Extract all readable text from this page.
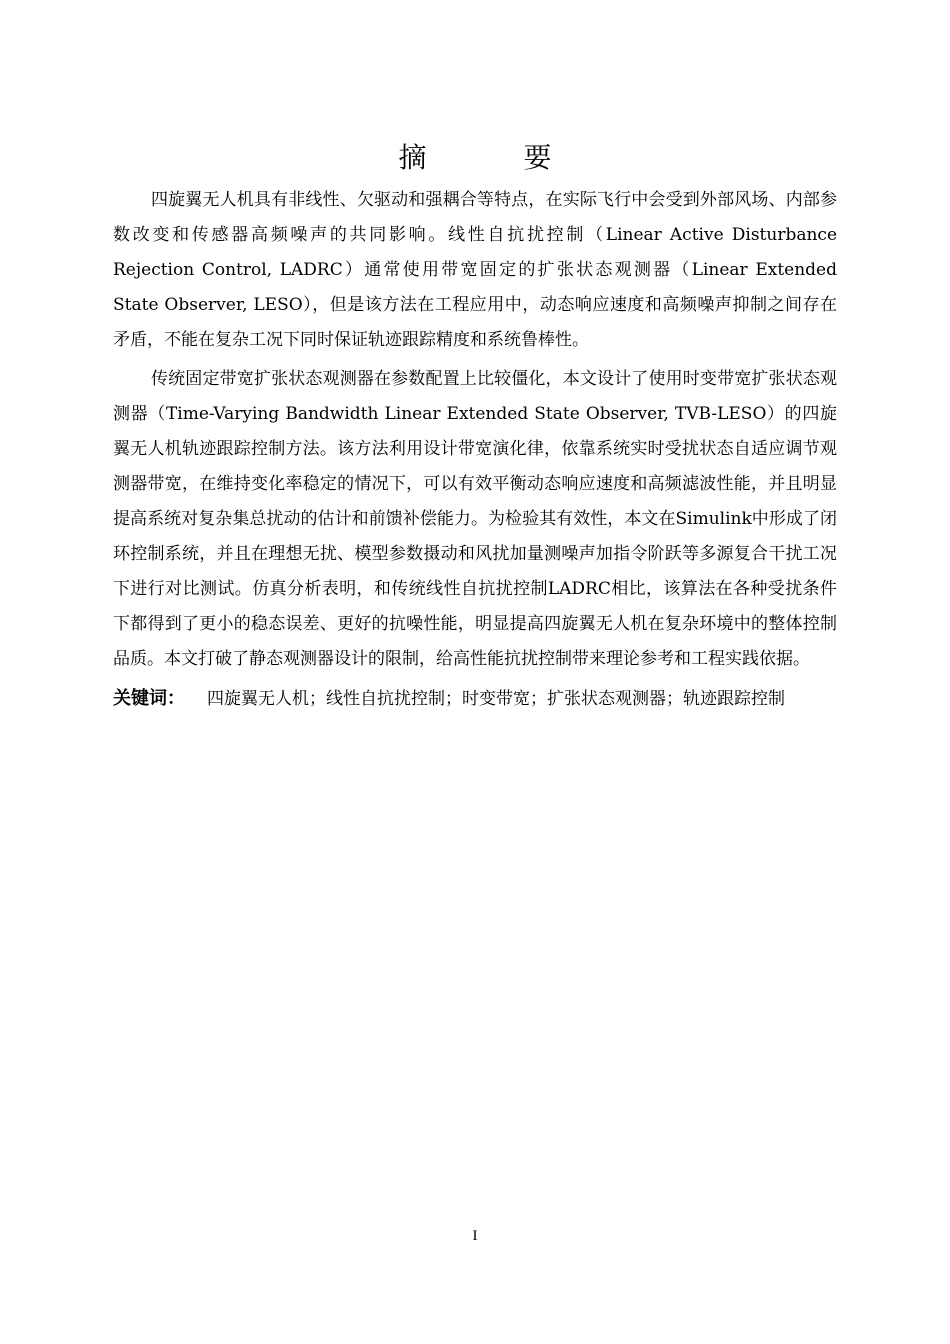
摘 要

四旋翼无人机具有非线性、欠驱动和强耦合等特点，在实际飞行中会受到外部风场、内部参数改变和传感器高频噪声的共同影响。线性自抗扰控制（Linear Active Disturbance Rejection Control, LADRC）通常使用带宽固定的扩张状态观测器（Linear Extended State Observer, LESO），但是该方法在工程应用中，动态响应速度和高频噪声抑制之间存在矛盾，不能在复杂工况下同时保证轨迹跟踪精度和系统鲁棒性。

传统固定带宽扩张状态观测器在参数配置上比较僵化，本文设计了使用时变带宽扩张状态观测器（Time-Varying Bandwidth Linear Extended State Observer, TVB-LESO）的四旋翼无人机轨迹跟踪控制方法。该方法利用设计带宽演化律，依靠系统实时受扰状态自适应调节观测器带宽，在维持变化率稳定的情况下，可以有效平衡动态响应速度和高频滤波性能，并且明显提高系统对复杂集总扰动的估计和前馈补偿能力。为检验其有效性，本文在Simulink中形成了闭环控制系统，并且在理想无扰、模型参数摄动和风扰加量测噪声加指令阶跃等多源复合干扰工况下进行对比测试。仿真分析表明，和传统线性自抗扰控制LADRC相比，该算法在各种受扰条件下都得到了更小的稳态误差、更好的抗噪性能，明显提高四旋翼无人机在复杂环境中的整体控制品质。本文打破了静态观测器设计的限制，给高性能抗扰控制带来理论参考和工程实践依据。

关键词： 四旋翼无人机；线性自抗扰控制；时变带宽；扩张状态观测器；轨迹跟踪控制
I
